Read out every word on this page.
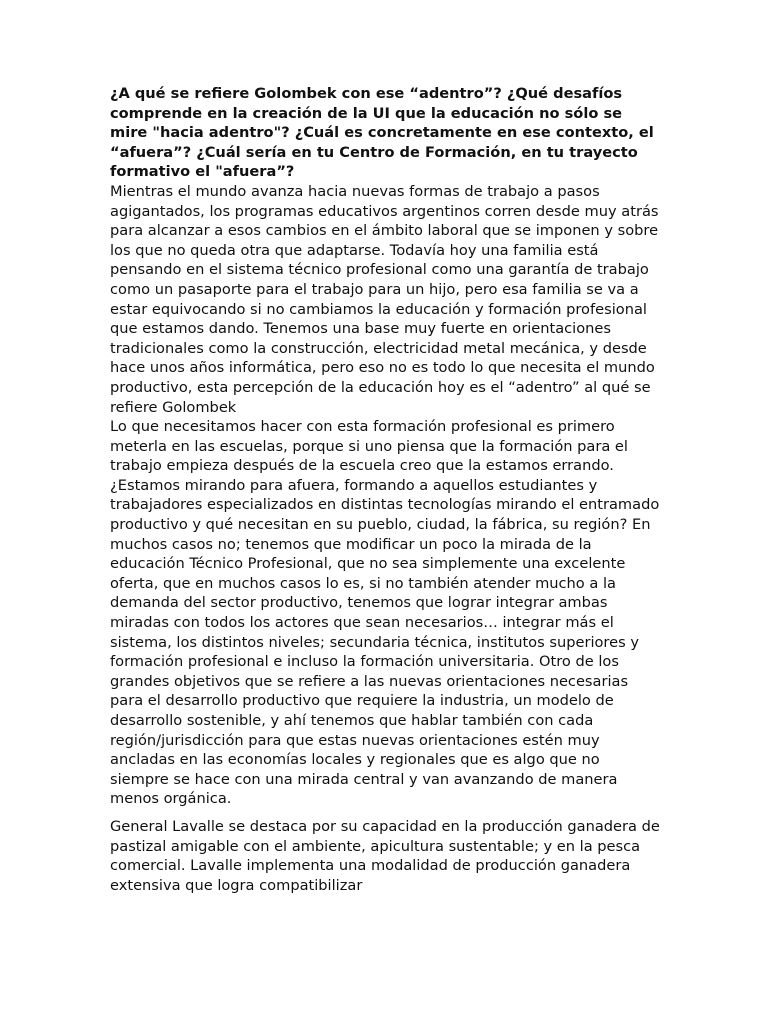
¿A qué se refiere Golombek con ese “adentro”? ¿Qué desafíos comprende en la creación de la UI que la educación no sólo se mire "hacia adentro"? ¿Cuál es concretamente en ese contexto, el “afuera”? ¿Cuál sería en tu Centro de Formación, en tu trayecto formativo el "afuera”?

Mientras el mundo avanza hacia nuevas formas de trabajo a pasos agigantados, los programas educativos argentinos corren desde muy atrás para alcanzar a esos cambios en el ámbito laboral que se imponen y sobre los que no queda otra que adaptarse. Todavía hoy una familia está pensando en el sistema técnico profesional como una garantía de trabajo como un pasaporte para el trabajo para un hijo, pero esa familia se va a estar equivocando si no cambiamos la educación y formación profesional que estamos dando. Tenemos una base muy fuerte en orientaciones tradicionales como la construcción, electricidad metal mecánica, y desde hace unos años informática, pero eso no es todo lo que necesita el mundo productivo, esta percepción de la educación hoy es el “adentro” al qué se refiere Golombek

Lo que necesitamos hacer con esta formación profesional es primero meterla en las escuelas, porque si uno piensa que la formación para el trabajo empieza después de la escuela creo que la estamos errando.

¿Estamos mirando para afuera, formando a aquellos estudiantes y trabajadores especializados en distintas tecnologías mirando el entramado productivo y qué necesitan en su pueblo, ciudad, la fábrica, su región? En muchos casos no; tenemos que modificar un poco la mirada de la educación Técnico Profesional, que no sea simplemente una excelente oferta, que en muchos casos lo es, si no también atender mucho a la demanda del sector productivo, tenemos que lograr integrar ambas miradas con todos los actores que sean necesarios… integrar más el sistema, los distintos niveles; secundaria técnica, institutos superiores y formación profesional e incluso la formación universitaria. Otro de los grandes objetivos que se refiere a las nuevas orientaciones necesarias para el desarrollo productivo que requiere la industria, un modelo de desarrollo sostenible, y ahí tenemos que hablar también con cada región/jurisdicción para que estas nuevas orientaciones estén muy ancladas en las economías locales y regionales que es algo que no siempre se hace con una mirada central y van avanzando de manera menos orgánica.

General Lavalle se destaca por su capacidad en la producción ganadera de pastizal amigable con el ambiente, apicultura sustentable; y en la pesca comercial. Lavalle implementa una modalidad de producción ganadera extensiva que logra compatibilizar
